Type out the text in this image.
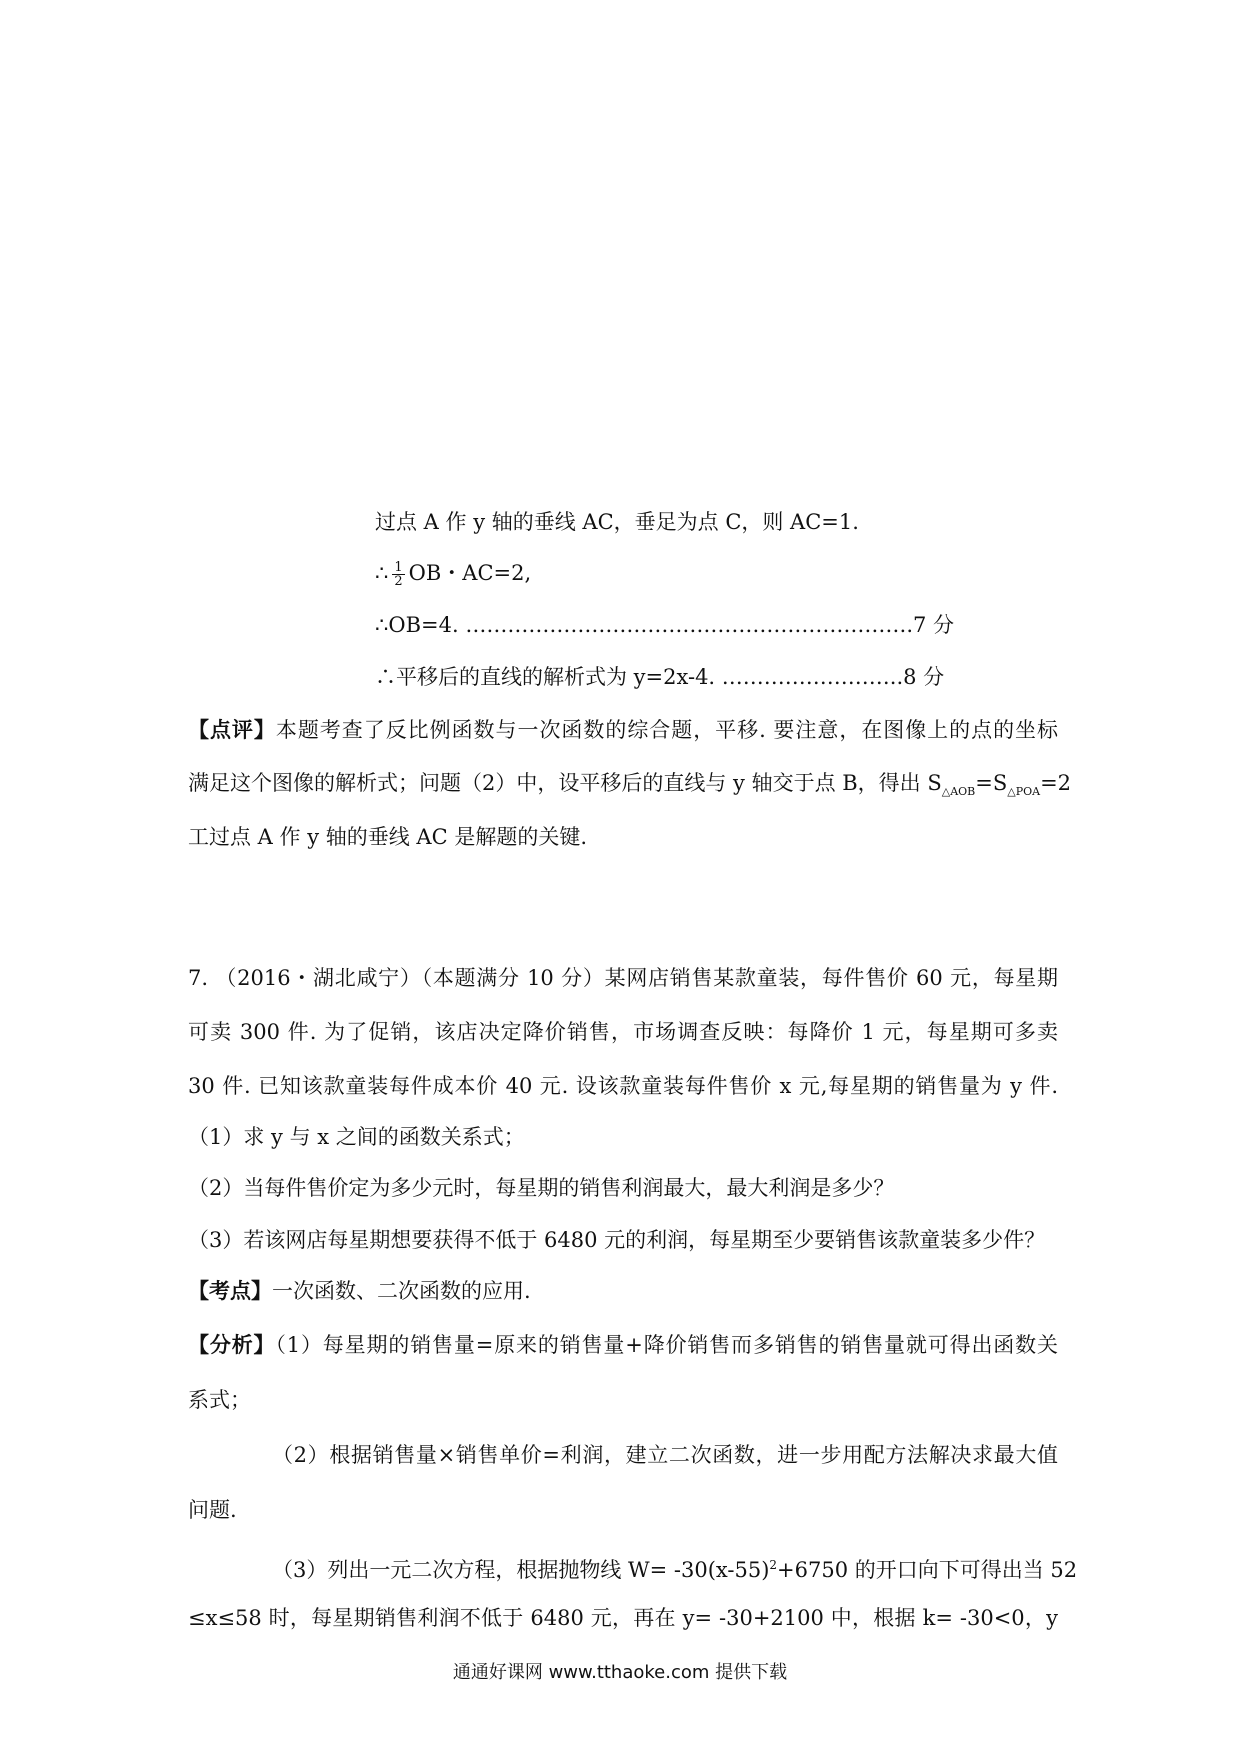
过点 A 作 y 轴的垂线 AC，垂足为点 C，则 AC=1.
∴ $\frac{1}{2}$ OB・AC=2,
∴OB=4. ……………………………………………………….7 分
∴平移后的直线的解析式为 y=2x-4. ……………………..8 分
【点评】本题考查了反比例函数与一次函数的综合题，平移. 要注意，在图像上的点的坐标
满足这个图像的解析式；问题（2）中，设平移后的直线与 y 轴交于点 B，得出 $S_{\triangle AOB}=S_{\triangle POA}=2$
工过点 A 作 y 轴的垂线 AC 是解题的关键.
7. （2016・湖北咸宁）（本题满分 10 分）某网店销售某款童装，每件售价 60 元，每星期
可卖 300 件. 为了促销，该店决定降价销售，市场调查反映：每降价 1 元，每星期可多卖
30 件. 已知该款童装每件成本价 40 元. 设该款童装每件售价 x 元,每星期的销售量为 y 件.
（1）求 y 与 x 之间的函数关系式；
（2）当每件售价定为多少元时，每星期的销售利润最大，最大利润是多少？
（3）若该网店每星期想要获得不低于 6480 元的利润，每星期至少要销售该款童装多少件？
【考点】一次函数、二次函数的应用.
【分析】（1）每星期的销售量=原来的销售量+降价销售而多销售的销售量就可得出函数关
系式；
（2）根据销售量×销售单价=利润，建立二次函数，进一步用配方法解决求最大值
问题.
（3）列出一元二次方程，根据抛物线 $W= -30(x-55)^2+6750$ 的开口向下可得出当 52
≤x≤58 时，每星期销售利润不低于 6480 元，再在 y= -30+2100 中，根据 k= -30<0，y
通通好课网 www.tthaoke.com 提供下载
